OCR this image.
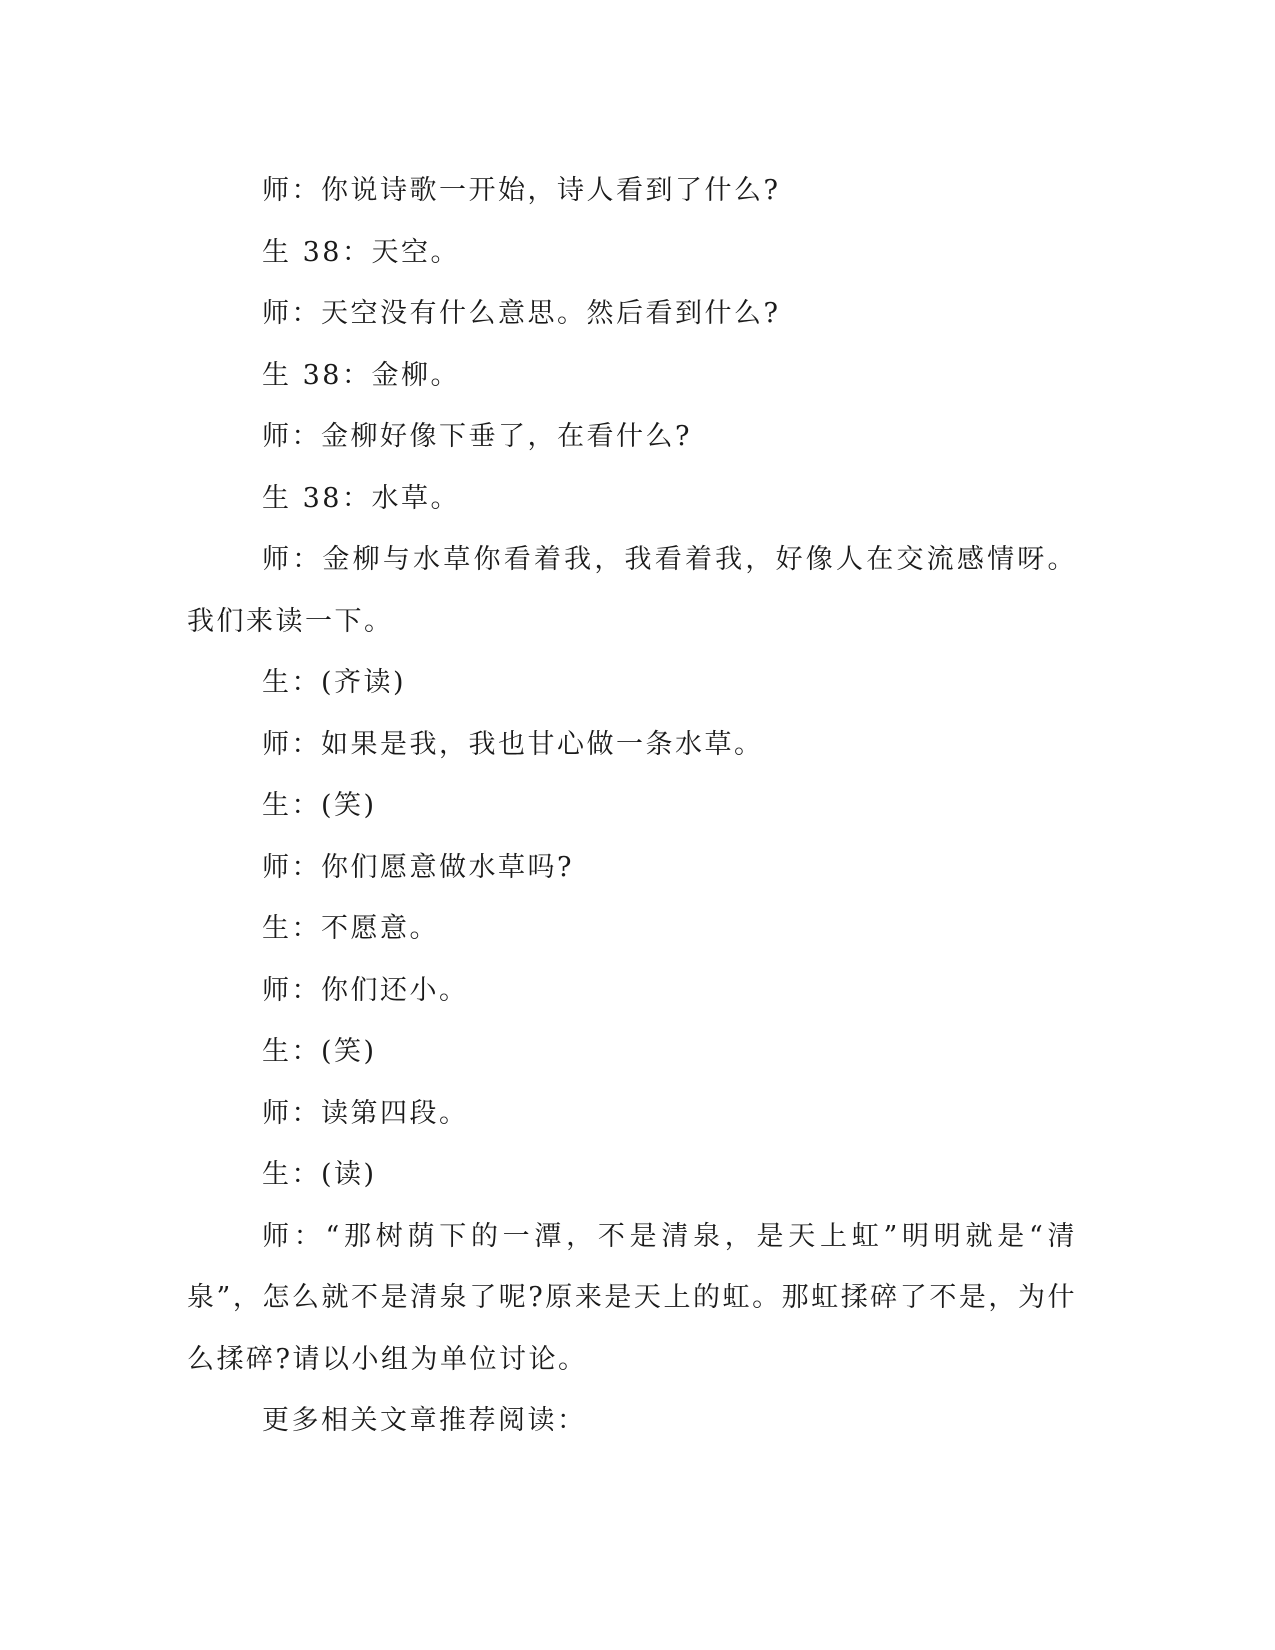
师：你说诗歌一开始，诗人看到了什么?

生 38：天空。

师：天空没有什么意思。然后看到什么?

生 38：金柳。

师：金柳好像下垂了，在看什么?

生 38：水草。

师：金柳与水草你看着我，我看着我，好像人在交流感情呀。我们来读一下。

生：(齐读)

师：如果是我，我也甘心做一条水草。

生：(笑)

师：你们愿意做水草吗?

生：不愿意。

师：你们还小。

生：(笑)

师：读第四段。

生：(读)

师：“那树荫下的一潭，不是清泉，是天上虹”明明就是“清泉”，怎么就不是清泉了呢?原来是天上的虹。那虹揉碎了不是，为什么揉碎?请以小组为单位讨论。

更多相关文章推荐阅读：
